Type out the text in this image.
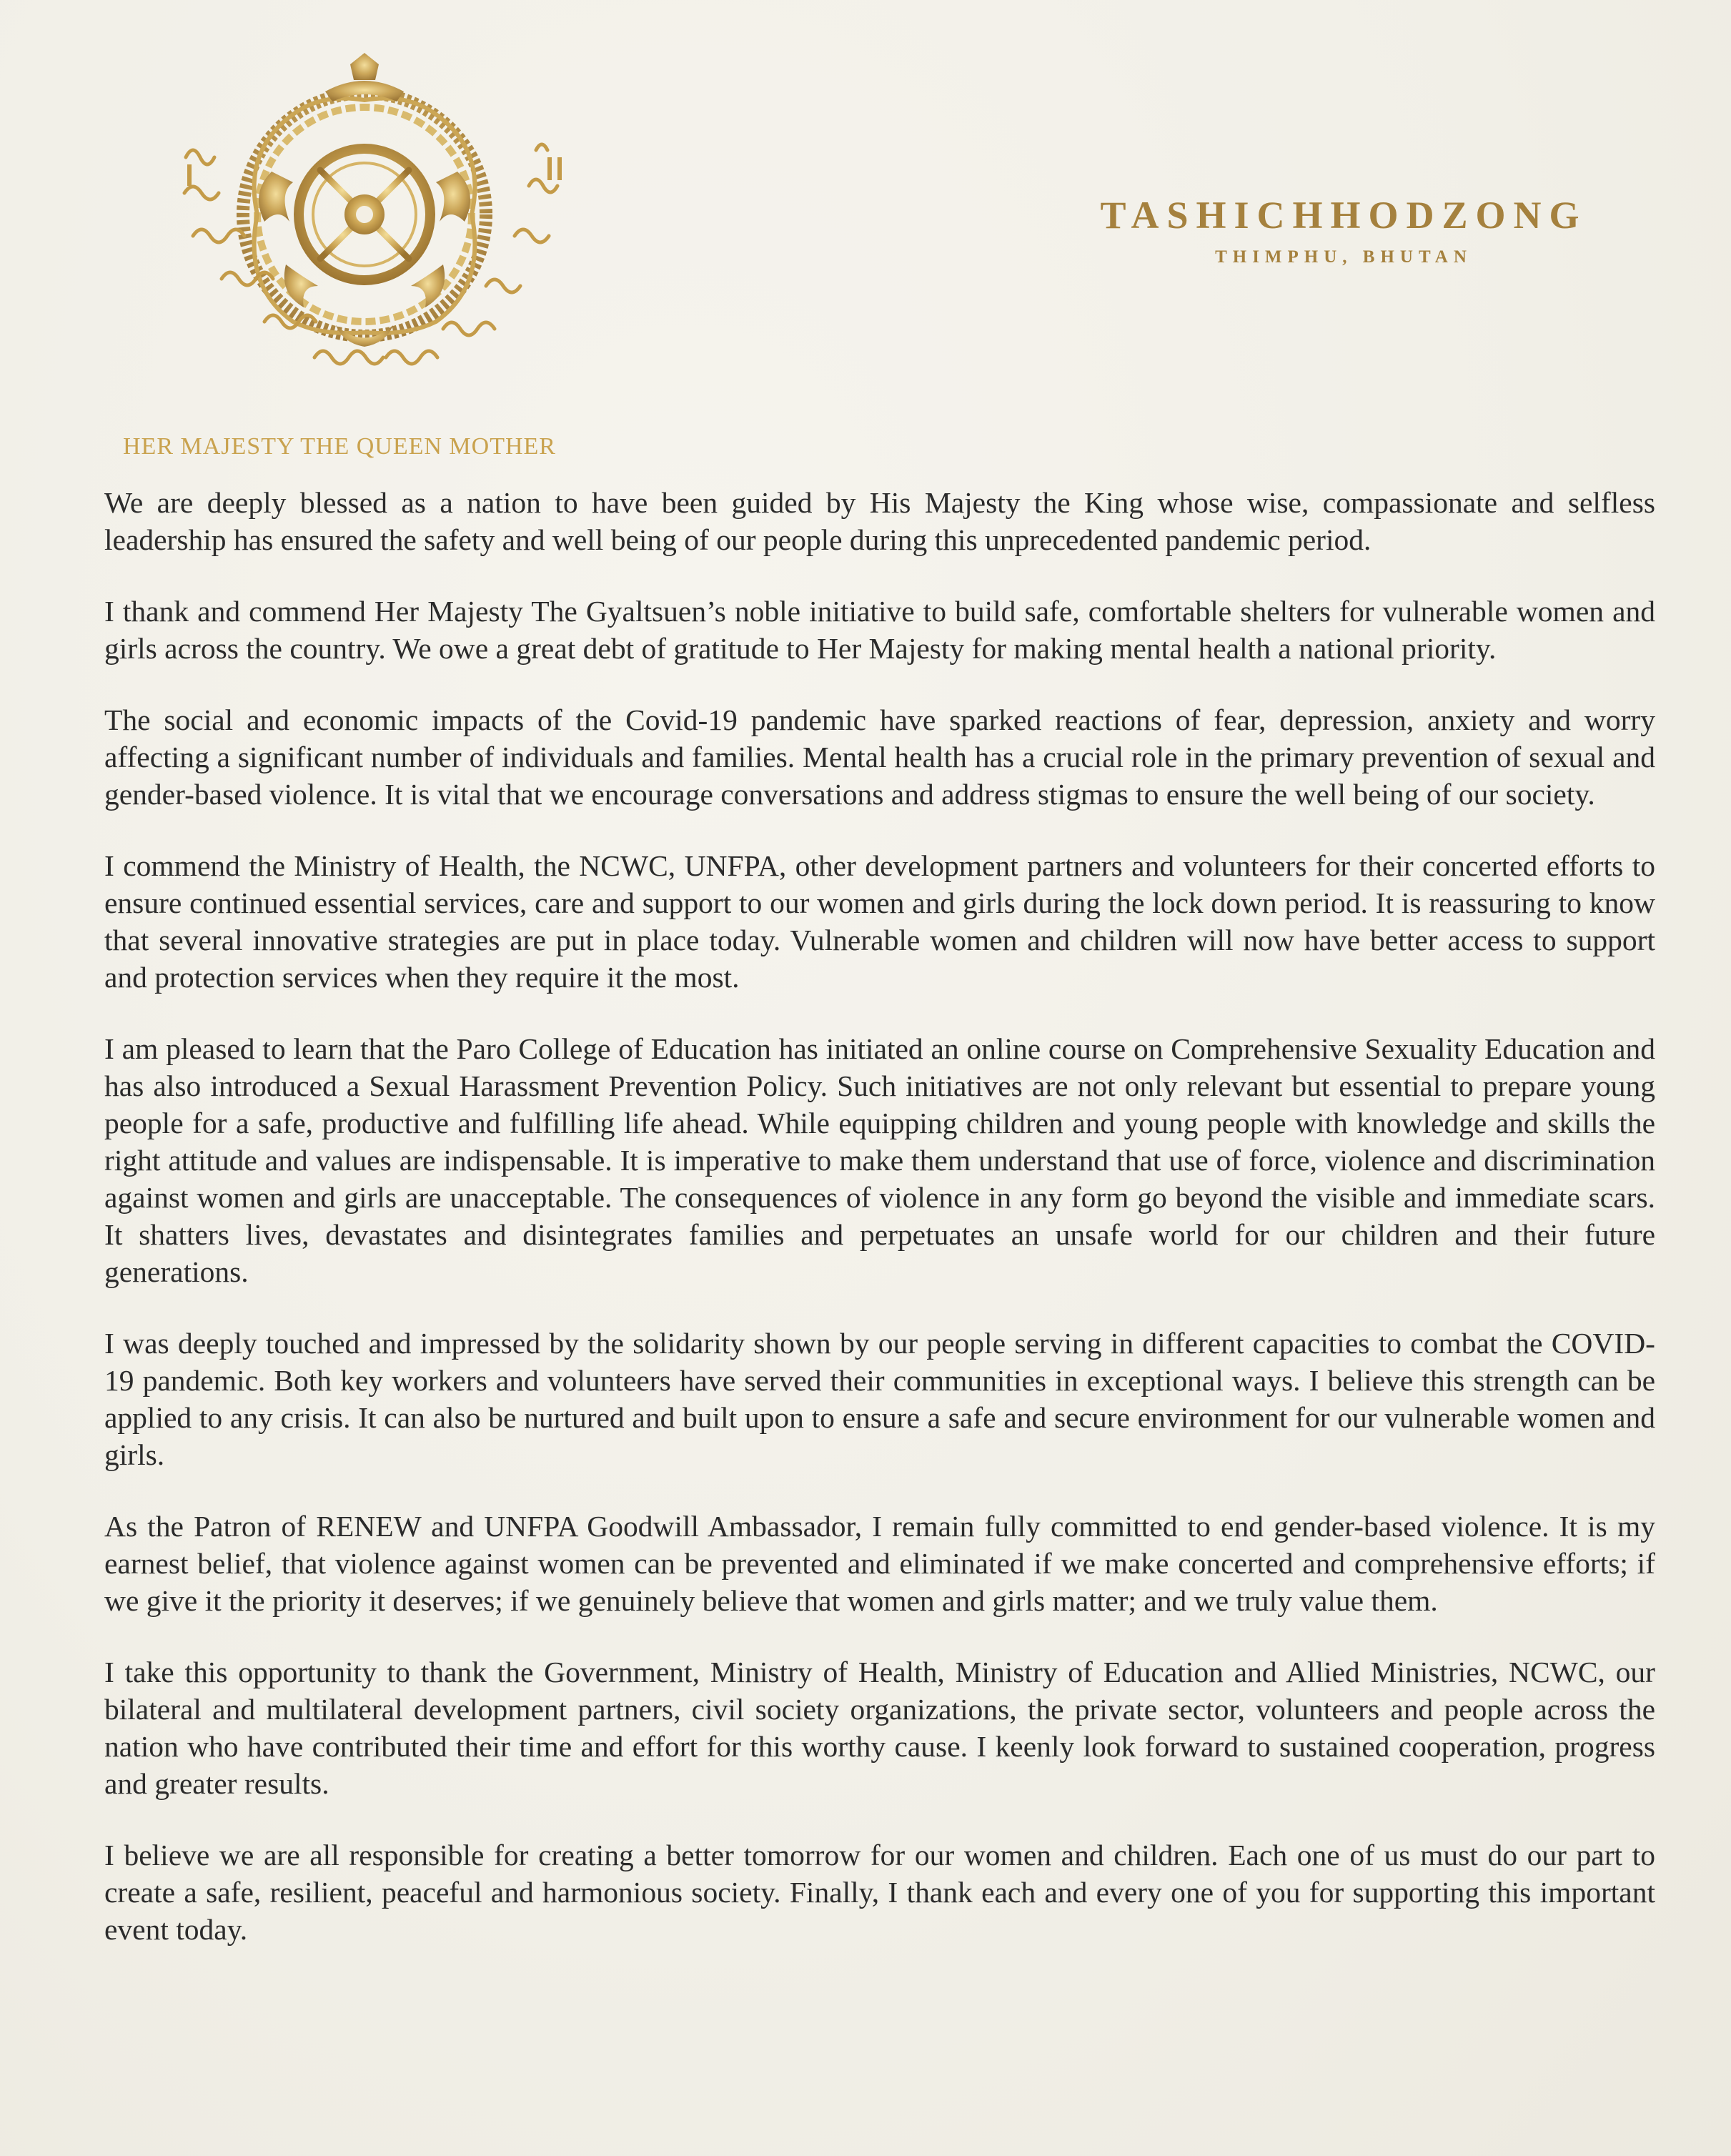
HER MAJESTY THE QUEEN MOTHER
TASHICHHODZONG
THIMPHU, BHUTAN

We are deeply blessed as a nation to have been guided by His Majesty the King whose wise, compassionate and selfless leadership has ensured the safety and well being of our people during this unprecedented pandemic period.

I thank and commend Her Majesty The Gyaltsuen’s noble initiative to build safe, comfortable shelters for vulnerable women and girls across the country. We owe a great debt of gratitude to Her Majesty for making mental health a national priority.

The social and economic impacts of the Covid-19 pandemic have sparked reactions of fear, depression, anxiety and worry affecting a significant number of individuals and families. Mental health has a crucial role in the primary prevention of sexual and gender-based violence. It is vital that we encourage conversations and address stigmas to ensure the well being of our society.

I commend the Ministry of Health, the NCWC, UNFPA, other development partners and volunteers for their concerted efforts to ensure continued essential services, care and support to our women and girls during the lock down period. It is reassuring to know that several innovative strategies are put in place today. Vulnerable women and children will now have better access to support and protection services when they require it the most.

I am pleased to learn that the Paro College of Education has initiated an online course on Comprehensive Sexuality Education and has also introduced a Sexual Harassment Prevention Policy. Such initiatives are not only relevant but essential to prepare young people for a safe, productive and fulfilling life ahead. While equipping children and young people with knowledge and skills the right attitude and values are indispensable. It is imperative to make them understand that use of force, violence and discrimination against women and girls are unacceptable. The consequences of violence in any form go beyond the visible and immediate scars. It shatters lives, devastates and disintegrates families and perpetuates an unsafe world for our children and their future generations.

I was deeply touched and impressed by the solidarity shown by our people serving in different capacities to combat the COVID-19 pandemic. Both key workers and volunteers have served their communities in exceptional ways. I believe this strength can be applied to any crisis. It can also be nurtured and built upon to ensure a safe and secure environment for our vulnerable women and girls.

As the Patron of RENEW and UNFPA Goodwill Ambassador, I remain fully committed to end gender-based violence. It is my earnest belief, that violence against women can be prevented and eliminated if we make concerted and comprehensive efforts; if we give it the priority it deserves; if we genuinely believe that women and girls matter; and we truly value them.

I take this opportunity to thank the Government, Ministry of Health, Ministry of Education and Allied Ministries, NCWC, our bilateral and multilateral development partners, civil society organizations, the private sector, volunteers and people across the nation who have contributed their time and effort for this worthy cause. I keenly look forward to sustained cooperation, progress and greater results.

I believe we are all responsible for creating a better tomorrow for our women and children. Each one of us must do our part to create a safe, resilient, peaceful and harmonious society. Finally, I thank each and every one of you for supporting this important event today.
